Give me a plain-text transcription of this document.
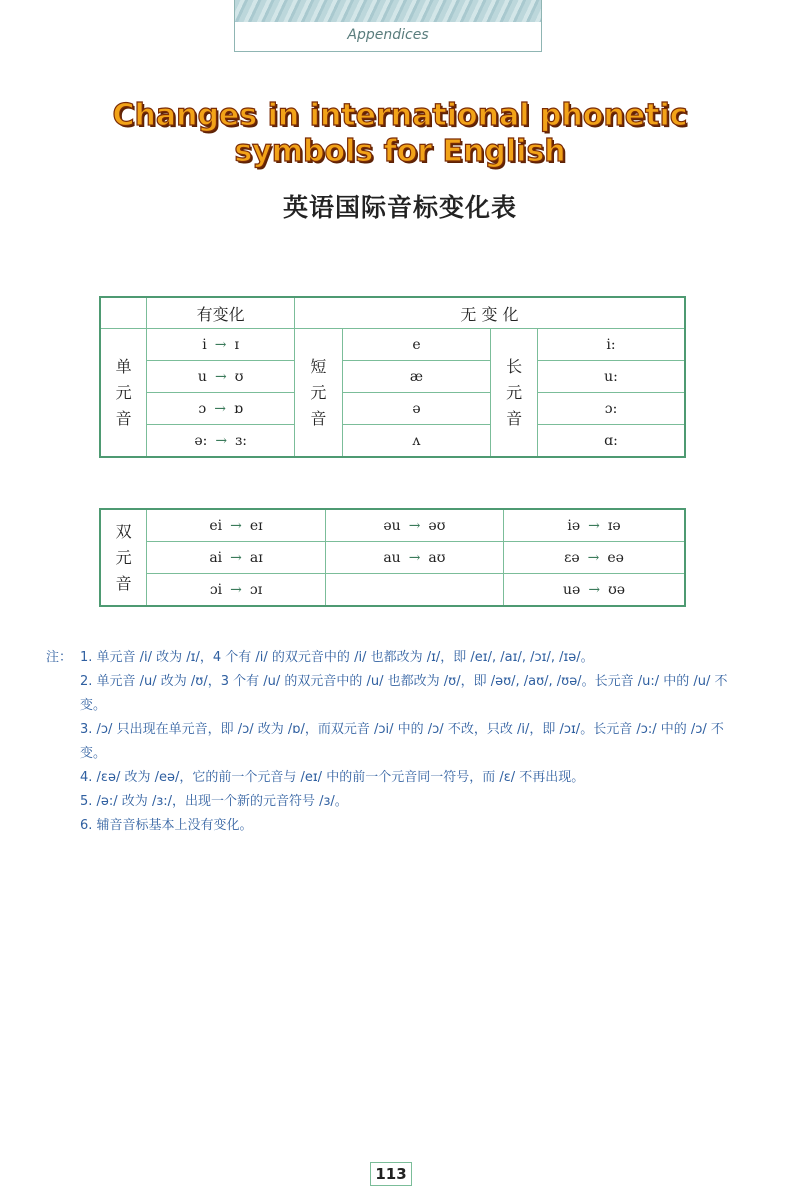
Appendices
Changes in international phonetic symbols for English
英语国际音标变化表
	有变化	无 变 化			
单元音	i → ɪ	短元音	e	长元音	i:
	u → ʊ		æ		u:
	ɔ → ɒ		ə		ɔ:
	ə: → ɜ:		ʌ		ɑ:
双元音	ei → eɪ	əu → əʊ	iə → ɪə
	ai → aɪ	au → aʊ	ɛə → eə
	ɔi → ɔɪ		uə → ʊə
注： 1. 单元音 /i/ 改为 /ɪ/，4 个有 /i/ 的双元音中的 /i/ 也都改为 /ɪ/，即 /eɪ/, /aɪ/, /ɔɪ/, /ɪə/。
2. 单元音 /u/ 改为 /ʊ/，3 个有 /u/ 的双元音中的 /u/ 也都改为 /ʊ/，即 /əʊ/, /aʊ/, /ʊə/。长元音 /u:/ 中的 /u/ 不变。
3. /ɔ/ 只出现在单元音，即 /ɔ/ 改为 /ɒ/，而双元音 /ɔi/ 中的 /ɔ/ 不改，只改 /i/，即 /ɔɪ/。长元音 /ɔ:/ 中的 /ɔ/ 不变。
4. /ɛə/ 改为 /eə/，它的前一个元音与 /eɪ/ 中的前一个元音同一符号，而 /ɛ/ 不再出现。
5. /ə:/ 改为 /ɜ:/，出现一个新的元音符号 /ɜ/。
6. 辅音音标基本上没有变化。
113
